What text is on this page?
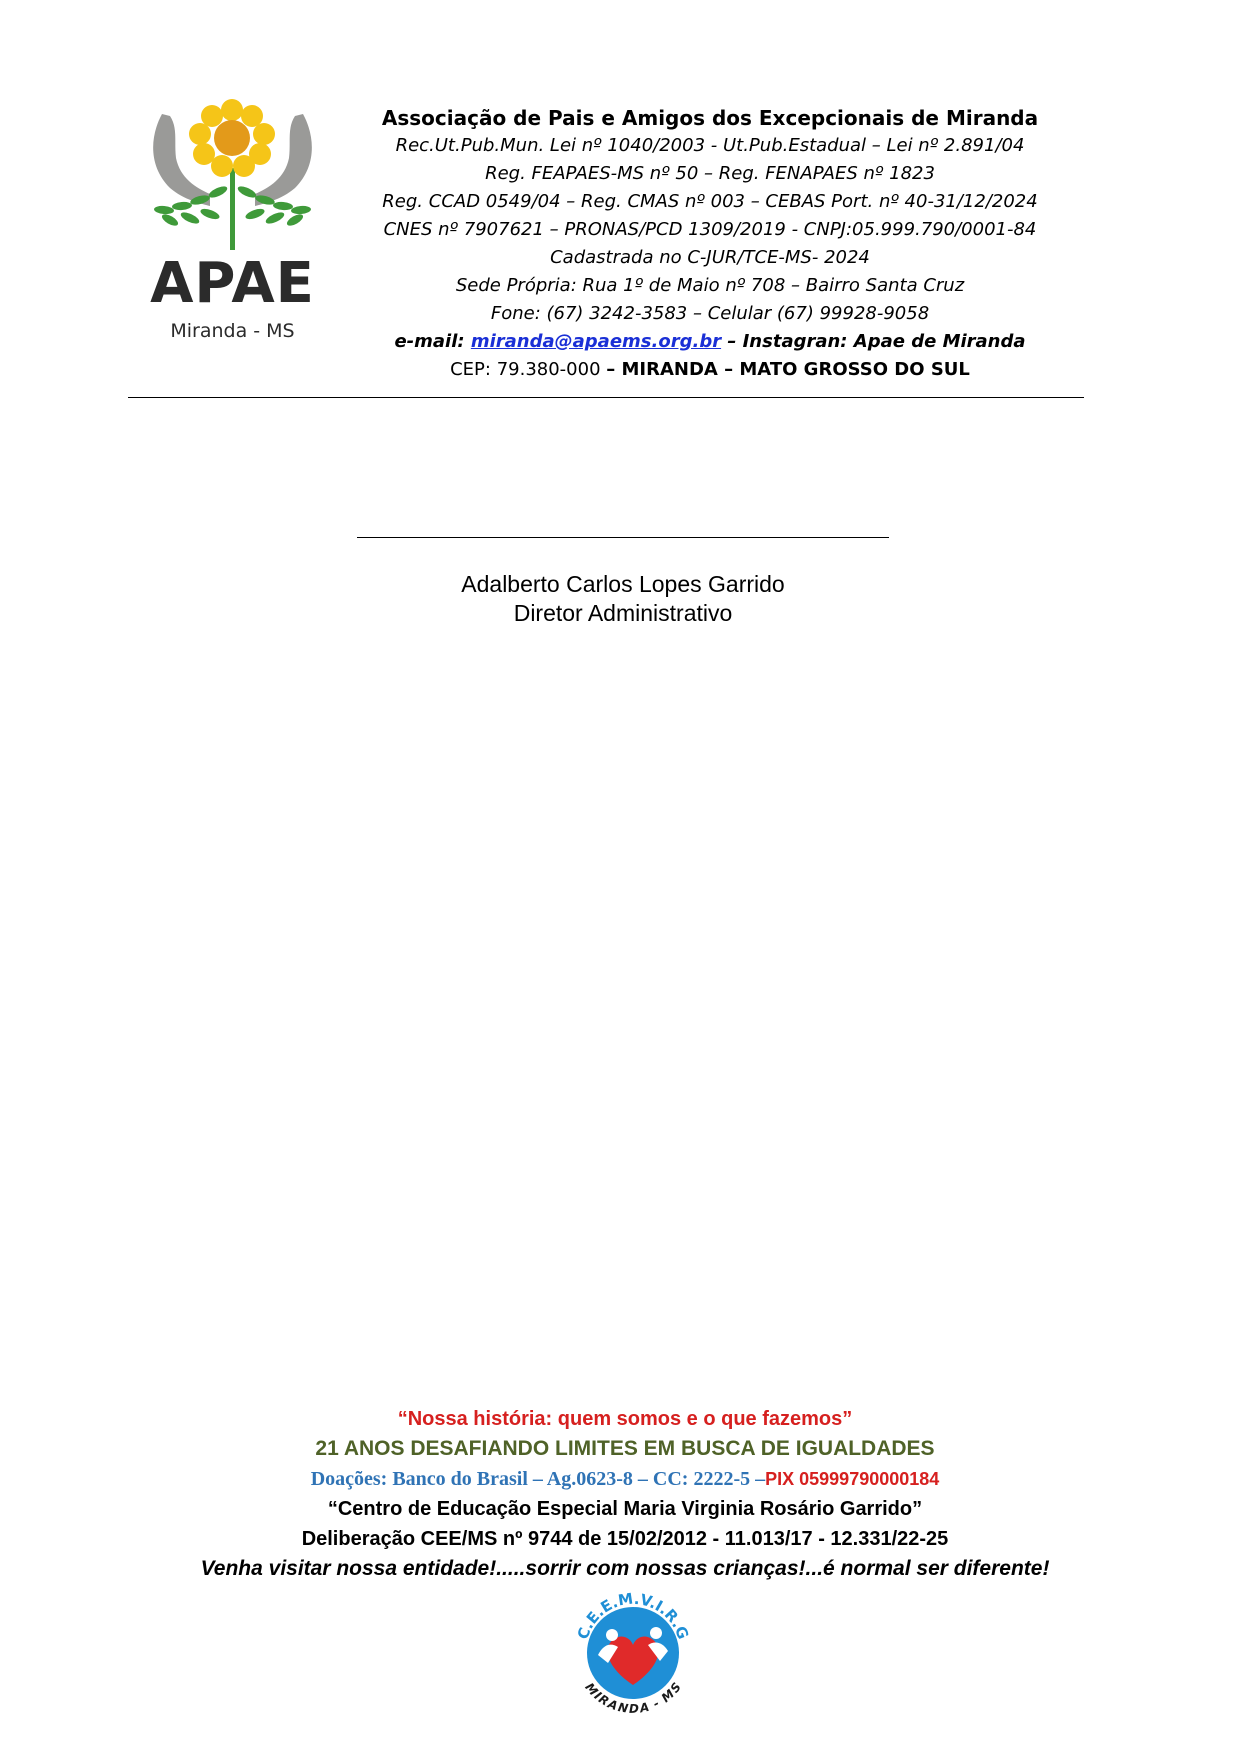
APAE
Miranda - MS
Associação de Pais e Amigos dos Excepcionais de Miranda
Rec.Ut.Pub.Mun. Lei nº 1040/2003 - Ut.Pub.Estadual – Lei nº 2.891/04
Reg. FEAPAES-MS nº 50 – Reg. FENAPAES nº 1823
Reg. CCAD 0549/04 – Reg. CMAS nº 003 – CEBAS Port. nº 40-31/12/2024
CNES nº 7907621 – PRONAS/PCD 1309/2019 - CNPJ:05.999.790/0001-84
Cadastrada no C-JUR/TCE-MS- 2024
Sede Própria: Rua 1º de Maio nº 708 – Bairro Santa Cruz
Fone: (67) 3242-3583 – Celular (67) 99928-9058
e-mail: miranda@apaems.org.br – Instagran: Apae de Miranda
CEP: 79.380-000 – MIRANDA – MATO GROSSO DO SUL
Adalberto Carlos Lopes Garrido
Diretor Administrativo
“Nossa história: quem somos e o que fazemos”
21 ANOS DESAFIANDO LIMITES EM BUSCA DE IGUALDADES
Doações: Banco do Brasil – Ag.0623-8 – CC: 2222-5 –PIX 05999790000184
“Centro de Educação Especial Maria Virginia Rosário Garrido”
Deliberação CEE/MS nº 9744 de 15/02/2012 - 11.013/17 - 12.331/22-25
Venha visitar nossa entidade!.....sorrir com nossas crianças!...é normal ser diferente!
C.E.E.M.V.I.R.G
MIRANDA - MS
